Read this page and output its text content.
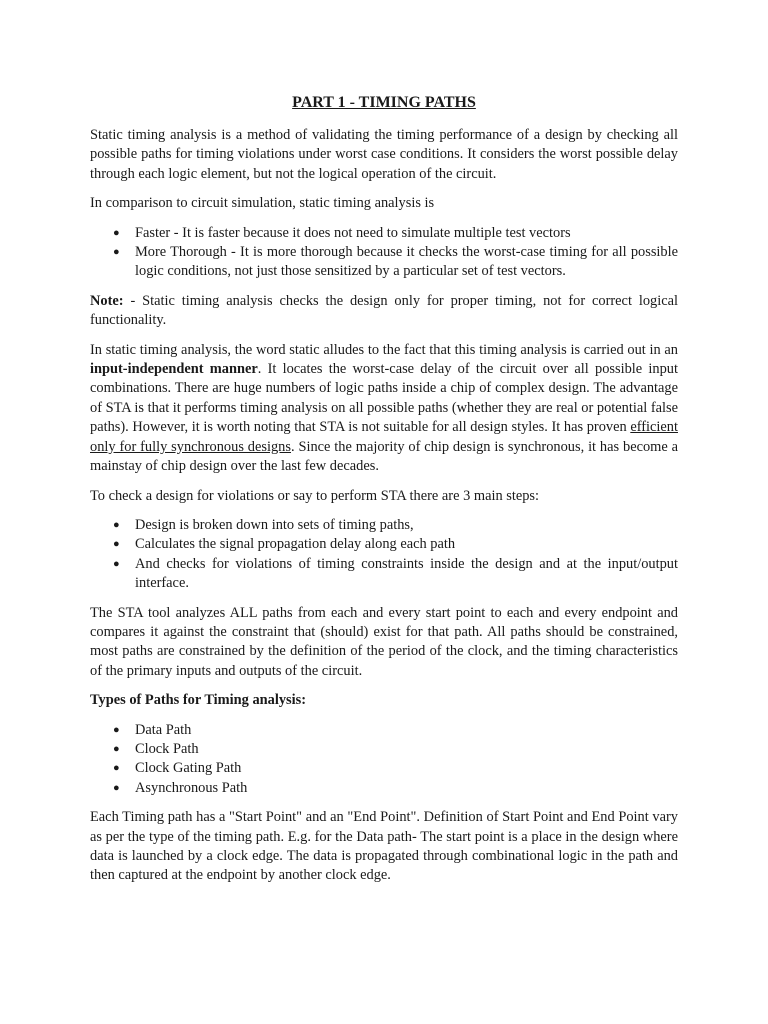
PART 1 - TIMING PATHS

Static timing analysis is a method of validating the timing performance of a design by checking all possible paths for timing violations under worst case conditions. It considers the worst possible delay through each logic element, but not the logical operation of the circuit.

In comparison to circuit simulation, static timing analysis is

● Faster - It is faster because it does not need to simulate multiple test vectors
● More Thorough - It is more thorough because it checks the worst-case timing for all possible logic conditions, not just those sensitized by a particular set of test vectors.

Note: - Static timing analysis checks the design only for proper timing, not for correct logical functionality.

In static timing analysis, the word static alludes to the fact that this timing analysis is carried out in an input-independent manner. It locates the worst-case delay of the circuit over all possible input combinations. There are huge numbers of logic paths inside a chip of complex design. The advantage of STA is that it performs timing analysis on all possible paths (whether they are real or potential false paths). However, it is worth noting that STA is not suitable for all design styles. It has proven efficient only for fully synchronous designs. Since the majority of chip design is synchronous, it has become a mainstay of chip design over the last few decades.

To check a design for violations or say to perform STA there are 3 main steps:

● Design is broken down into sets of timing paths,
● Calculates the signal propagation delay along each path
● And checks for violations of timing constraints inside the design and at the input/output interface.

The STA tool analyzes ALL paths from each and every start point to each and every endpoint and compares it against the constraint that (should) exist for that path. All paths should be constrained, most paths are constrained by the definition of the period of the clock, and the timing characteristics of the primary inputs and outputs of the circuit.

Types of Paths for Timing analysis:

● Data Path
● Clock Path
● Clock Gating Path
● Asynchronous Path

Each Timing path has a "Start Point" and an "End Point". Definition of Start Point and End Point vary as per the type of the timing path. E.g. for the Data path- The start point is a place in the design where data is launched by a clock edge. The data is propagated through combinational logic in the path and then captured at the endpoint by another clock edge.
